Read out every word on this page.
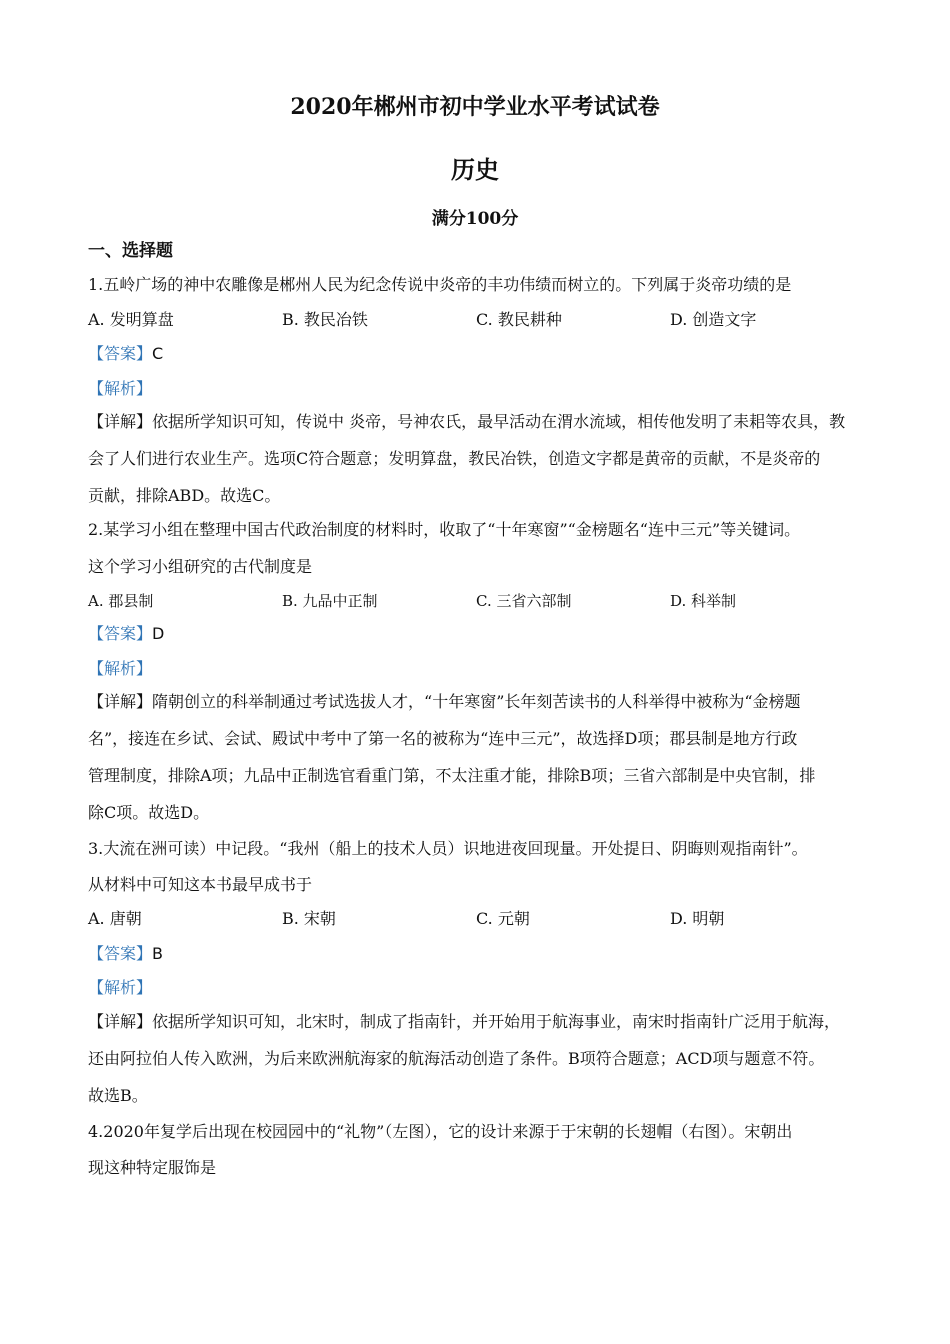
2020年郴州市初中学业水平考试试卷
历史
满分100分
一、选择题
1.五岭广场的神中农雕像是郴州人民为纪念传说中炎帝的丰功伟绩而树立的。下列属于炎帝功绩的是
A. 发明算盘	B. 教民冶铁	C. 教民耕种	D. 创造文字
【答案】C
【解析】
【详解】依据所学知识可知，传说中 炎帝，号神农氏，最早活动在渭水流域，相传他发明了耒耜等农具，教
会了人们进行农业生产。选项C符合题意；发明算盘，教民冶铁，创造文字都是黄帝的贡献，不是炎帝的
贡献，排除ABD。故选C。
2.某学习小组在整理中国古代政治制度的材料时，收取了“十年寒窗”“金榜题名“连中三元”等关键词。
这个学习小组研究的古代制度是
A. 郡县制	B. 九品中正制	C. 三省六部制	D. 科举制
【答案】D
【解析】
【详解】隋朝创立的科举制通过考试选拔人才，“十年寒窗”长年刻苦读书的人科举得中被称为“金榜题
名”，接连在乡试、会试、殿试中考中了第一名的被称为“连中三元”，故选择D项；郡县制是地方行政
管理制度，排除A项；九品中正制选官看重门第，不太注重才能，排除B项；三省六部制是中央官制，排
除C项。故选D。
3.大流在洲可读）中记段。“我州（船上的技术人员）识地进夜回现量。开处提日、阴晦则观指南针”。
从材料中可知这本书最早成书于
A. 唐朝	B. 宋朝	C. 元朝	D. 明朝
【答案】B
【解析】
【详解】依据所学知识可知，北宋时，制成了指南针，并开始用于航海事业，南宋时指南针广泛用于航海，
还由阿拉伯人传入欧洲，为后来欧洲航海家的航海活动创造了条件。B项符合题意；ACD项与题意不符。
故选B。
4.2020年复学后出现在校园园中的“礼物”（左图），它的设计来源于于宋朝的长翅帽（右图）。宋朝出
现这种特定服饰是
